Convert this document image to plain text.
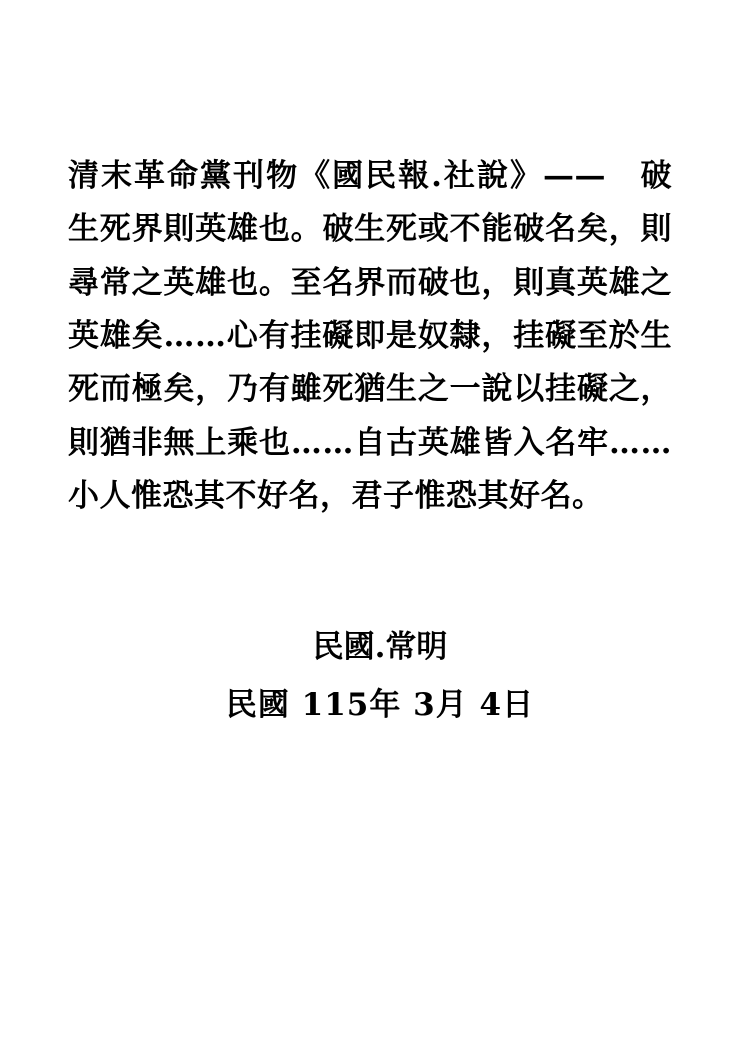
清末革命黨刊物《國民報.社說》——　破生死界則英雄也。破生死或不能破名矣，則尋常之英雄也。至名界而破也，則真英雄之英雄矣……心有挂礙即是奴隸，挂礙至於生死而極矣，乃有雖死猶生之一說以挂礙之，則猶非無上乘也……自古英雄皆入名牢……小人惟恐其不好名，君子惟恐其好名。

民國.常明
民國 115年 3月 4日
